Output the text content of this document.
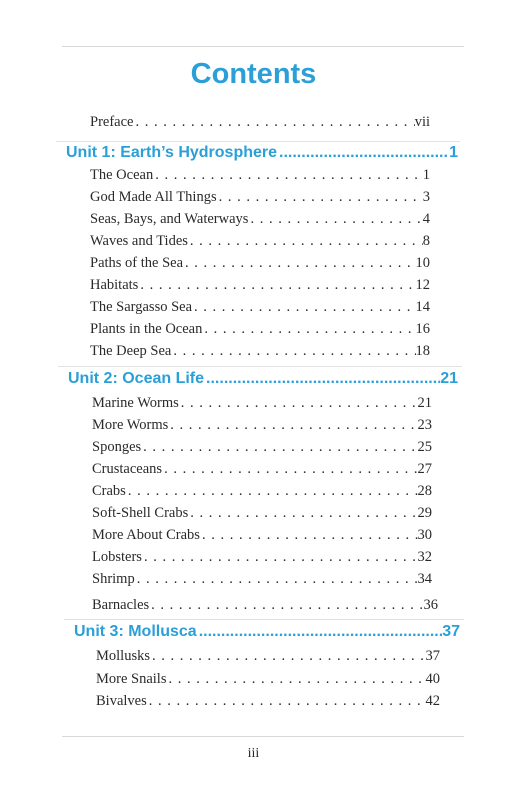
Contents
Preface . . .	vii
Unit 1: Earth’s Hydrosphere .....	1
The Ocean . . .	1
God Made All Things . . .	3
Seas, Bays, and Waterways . . .	4
Waves and Tides . . .	8
Paths of the Sea . . .	10
Habitats . . .	12
The Sargasso Sea . . .	14
Plants in the Ocean . . .	16
The Deep Sea . . .	18
Unit 2: Ocean Life .....	21
Marine Worms . . .	21
More Worms . . .	23
Sponges . . .	25
Crustaceans . . .	27
Crabs . . .	28
Soft-Shell Crabs . . .	29
More About Crabs . . .	30
Lobsters . . .	32
Shrimp . . .	34
Barnacles . . .	36
Unit 3: Mollusca .....	37
Mollusks . . .	37
More Snails . . .	40
Bivalves . . .	42
iii
